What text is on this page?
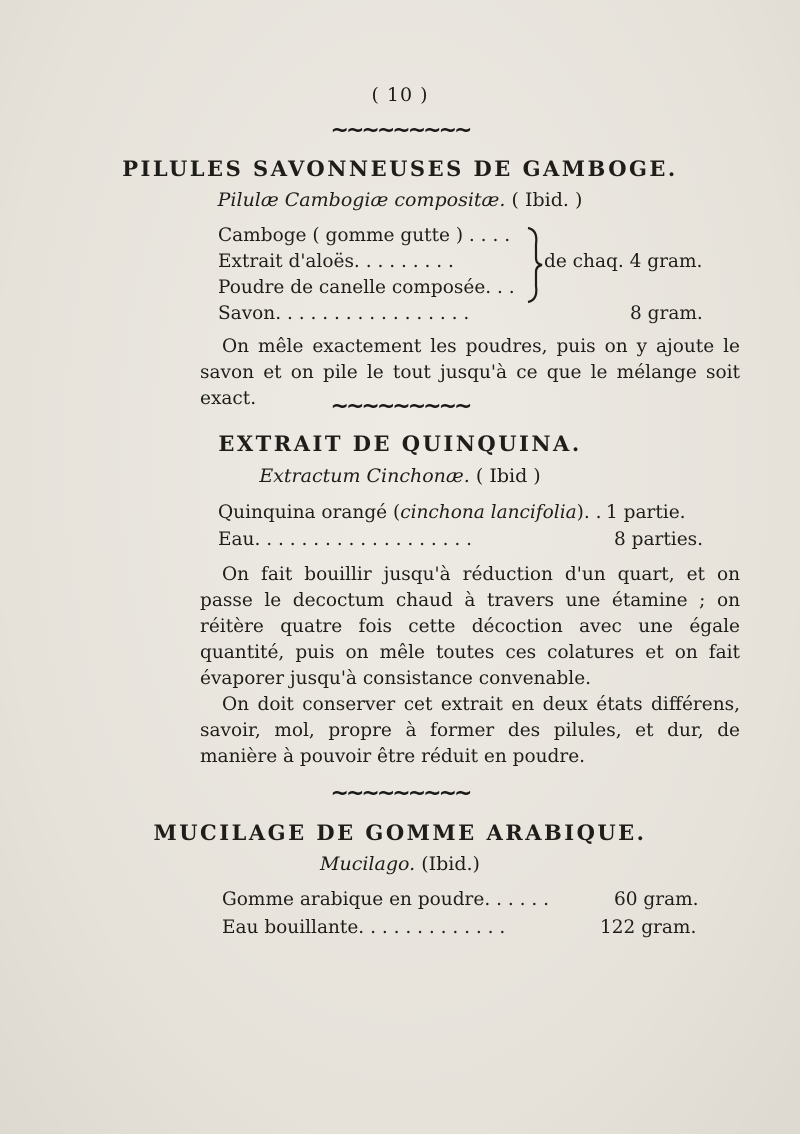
( 10 )
~~~~~~~~~
PILULES SAVONNEUSES DE GAMBOGE.
Pilulæ Cambogiæ compositæ. ( Ibid. )
Camboge ( gomme gutte ) . . . .
Extrait d'aloës. . . . . . . . .
Poudre de canelle composée. . .
de chaq. 4 gram.
Savon. . . . . . . . . . . . . . . . .	8 gram.
On mêle exactement les poudres, puis on y ajoute le savon et on pile le tout jusqu'à ce que le mélange soit exact.	~~~~~~~~~
EXTRAIT DE QUINQUINA.
Extractum Cinchonæ. ( Ibid )
Quinquina orangé (cinchona lancifolia). . 1 partie.
Eau. . . . . . . . . . . . . . . . . . .	8 parties.
On fait bouillir jusqu'à réduction d'un quart, et on passe le decoctum chaud à travers une étamine ; on réitère quatre fois cette décoction avec une égale quantité, puis on mêle toutes ces colatures et on fait évaporer jusqu'à consistance convenable.
On doit conserver cet extrait en deux états différens, savoir, mol, propre à former des pilules, et dur, de manière à pouvoir être réduit en poudre.
~~~~~~~~~
MUCILAGE DE GOMME ARABIQUE.
Mucilago. (Ibid.)
Gomme arabique en poudre. . . . . .	60 gram.
Eau bouillante. . . . . . . . . . . . .	122 gram.
